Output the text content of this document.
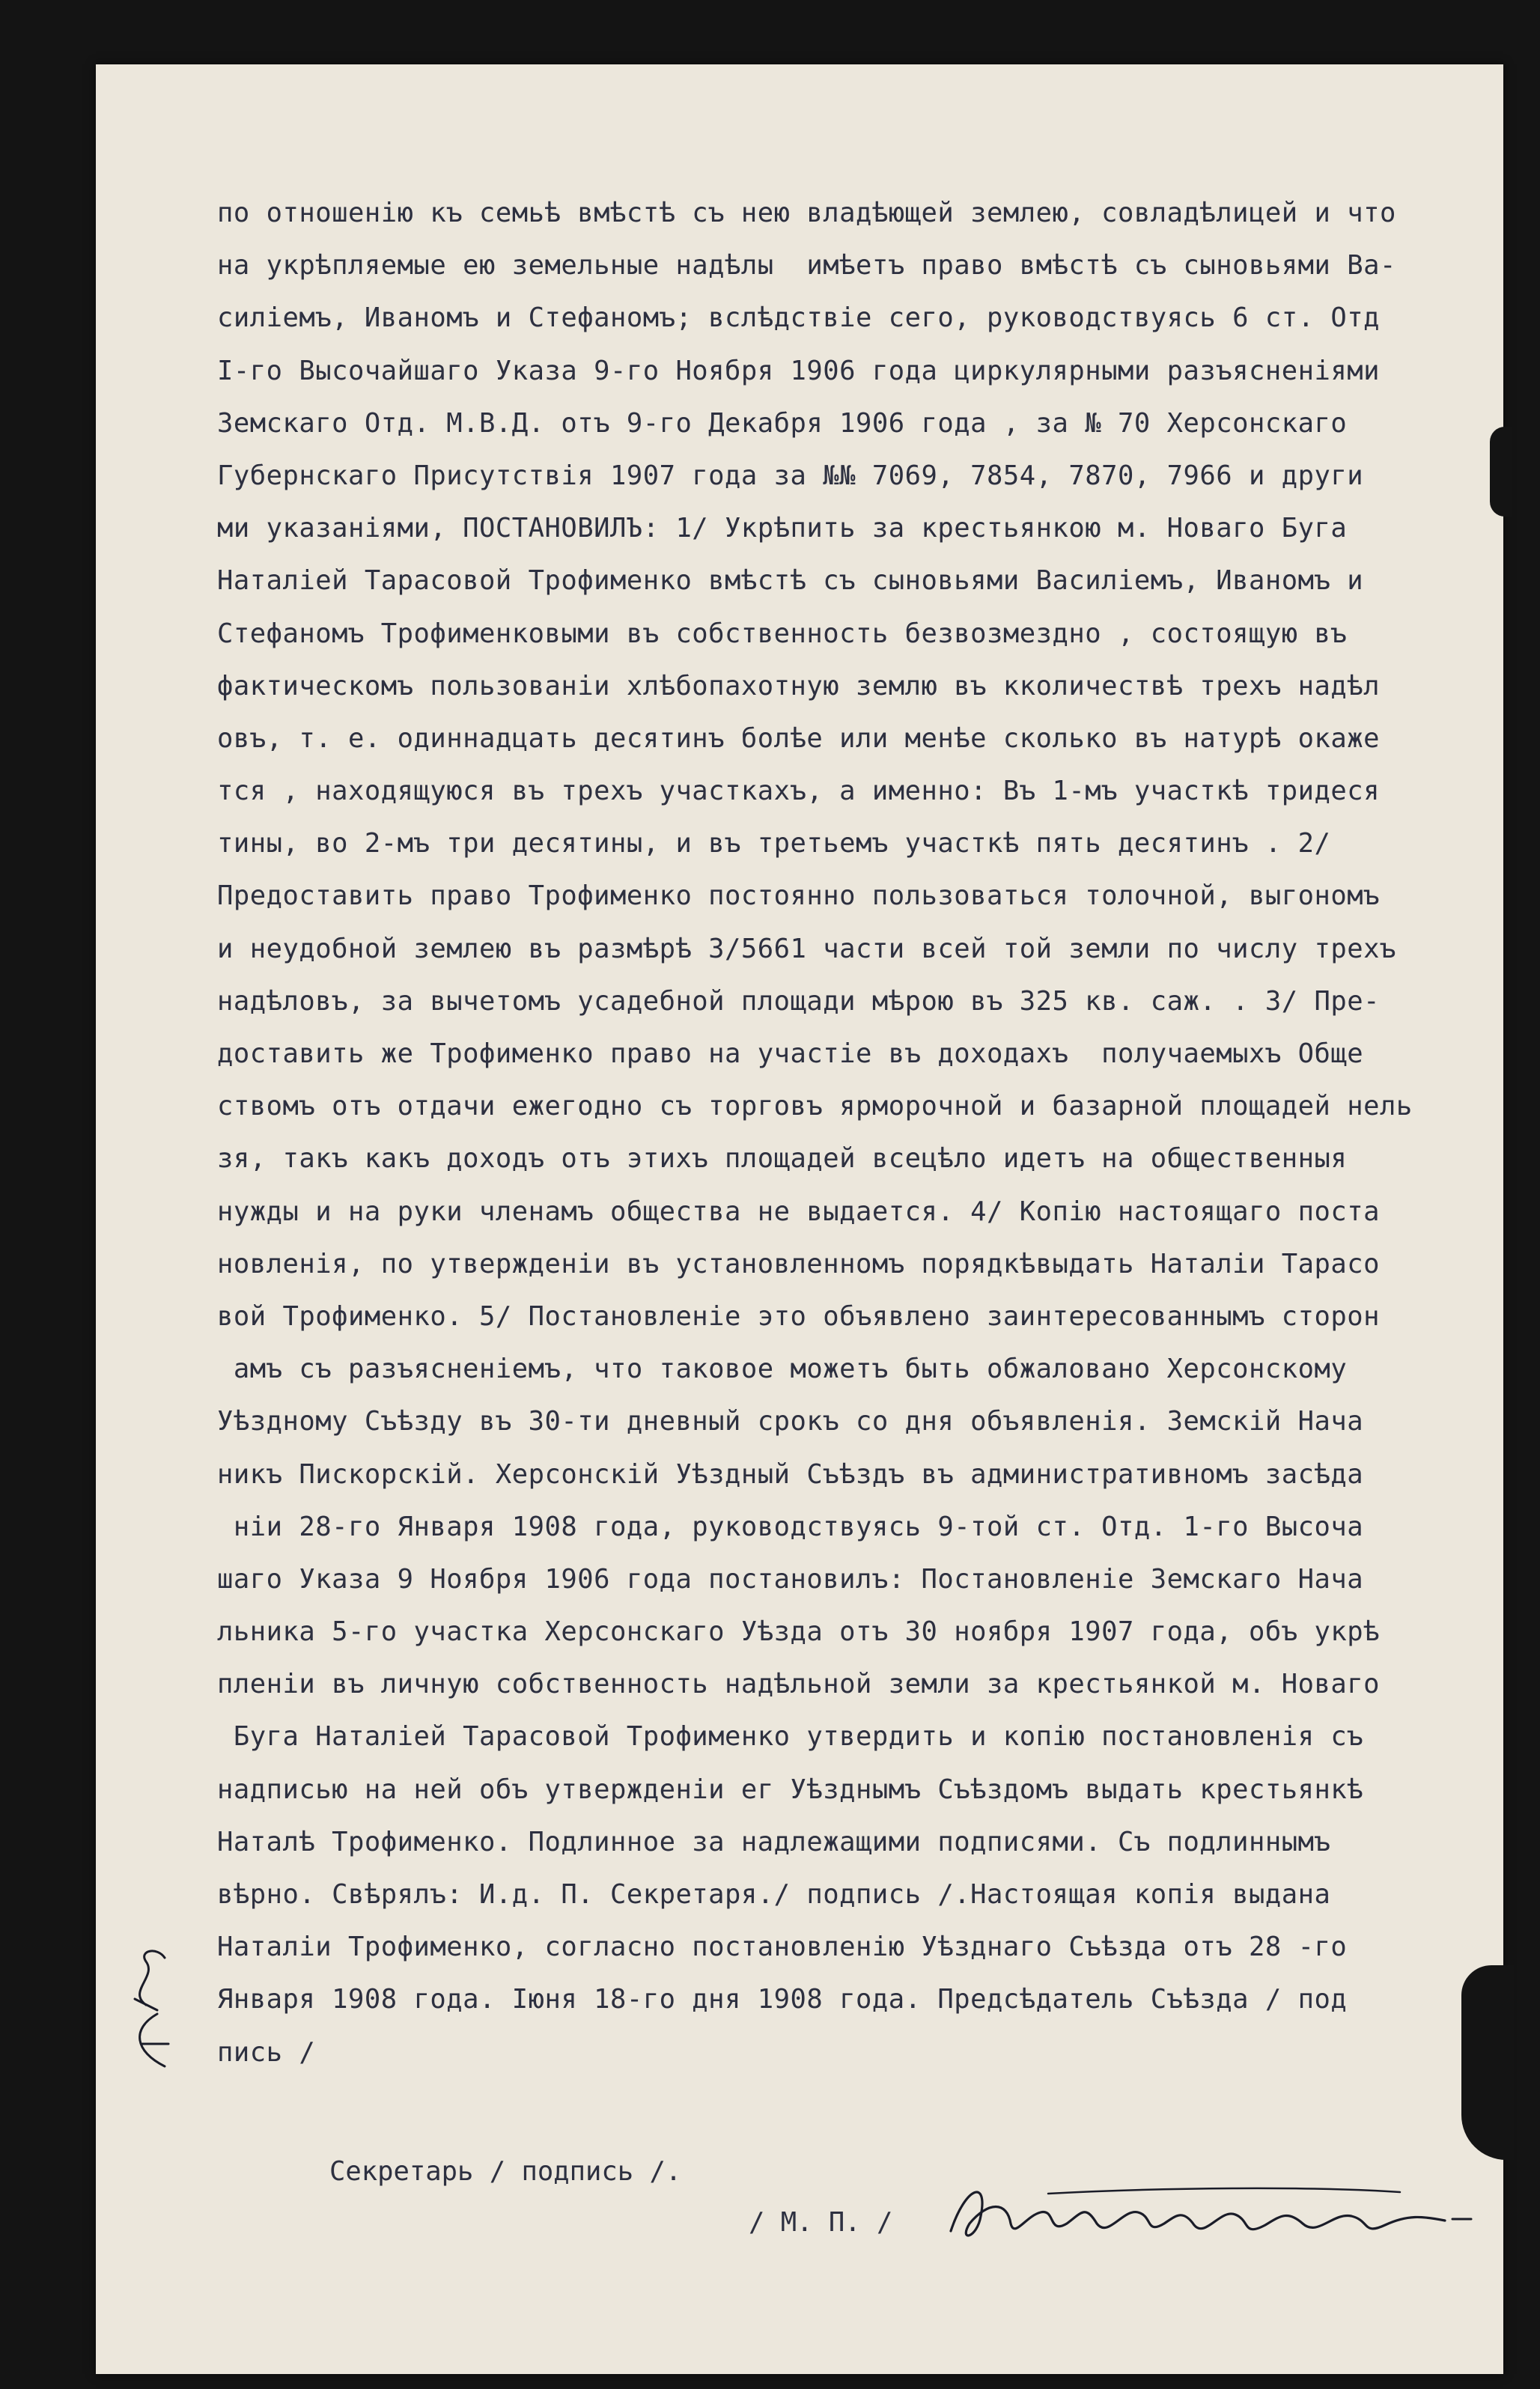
по отношенію къ семьѣ вмѣстѣ съ нею владѣющей землею, совладѣлицей и что
на укрѣпляемые ею земельные надѣлы  имѣетъ право вмѣстѣ съ сыновьями Ва-
силіемъ, Иваномъ и Стефаномъ; вслѣдствіе сего, руководствуясь 6 ст. Отд
І-го Высочайшаго Указа 9-го Ноября 1906 года циркулярными разъясненіями
Земскаго Отд. М.В.Д. отъ 9-го Декабря 1906 года , за № 70 Херсонскаго
Губернскаго Присутствія 1907 года за №№ 7069, 7854, 7870, 7966 и други
ми указаніями, ПОСТАНОВИЛЪ: 1/ Укрѣпить за крестьянкою м. Новаго Буга
Наталіей Тарасовой Трофименко вмѣстѣ съ сыновьями Василіемъ, Иваномъ и
Стефаномъ Трофименковыми въ собственность безвозмездно , состоящую въ
фактическомъ пользованіи хлѣбопахотную землю въ кколичествѣ трехъ надѣл
овъ, т. е. одиннадцать десятинъ болѣе или менѣе сколько въ натурѣ окаже
тся , находящуюся въ трехъ участкахъ, а именно: Въ 1-мъ участкѣ тридеся
тины, во 2-мъ три десятины, и въ третьемъ участкѣ пять десятинъ . 2/
Предоставить право Трофименко постоянно пользоваться толочной, выгономъ
и неудобной землею въ размѣрѣ 3/5661 части всей той земли по числу трехъ
надѣловъ, за вычетомъ усадебной площади мѣрою въ 325 кв. саж. . 3/ Пре-
доставить же Трофименко право на участіе въ доходахъ  получаемыхъ Обще
ствомъ отъ отдачи ежегодно съ торговъ ярморочной и базарной площадей нель
зя, такъ какъ доходъ отъ этихъ площадей всецѣло идетъ на общественныя
нужды и на руки членамъ общества не выдается. 4/ Копію настоящаго поста
новленія, по утвержденіи въ установленномъ порядкѣвыдать Наталіи Тарасо
вой Трофименко. 5/ Постановленіе это объявлено заинтересованнымъ сторон
амъ съ разъясненіемъ, что таковое можетъ быть обжаловано Херсонскому
Уѣздному Съѣзду въ 30-ти дневный срокъ со дня объявленія. Земскій Нача
никъ Пискорскій. Херсонскій Уѣздный Съѣздъ въ административномъ засѣда
ніи 28-го Января 1908 года, руководствуясь 9-той ст. Отд. 1-го Высоча
шаго Указа 9 Ноября 1906 года постановилъ: Постановленіе Земскаго Нача
льника 5-го участка Херсонскаго Уѣзда отъ 30 ноября 1907 года, объ укрѣ
пленіи въ личную собственность надѣльной земли за крестьянкой м. Новаго
Буга Наталіей Тарасовой Трофименко утвердить и копію постановленія съ
надписью на ней объ утвержденіи ег Уѣзднымъ Съѣздомъ выдать крестьянкѣ
Наталѣ Трофименко. Подлинное за надлежащими подписями. Съ подлиннымъ
вѣрно. Свѣрялъ: И.д. П. Секретаря./ подпись /.Настоящая копія выдана
Наталіи Трофименко, согласно постановленію Уѣзднаго Съѣзда отъ 28 -го
Января 1908 года. Іюня 18-го дня 1908 года. Предсѣдатель Съѣзда / под
пись /
Секретарь / подпись /.
/ М. П. /
